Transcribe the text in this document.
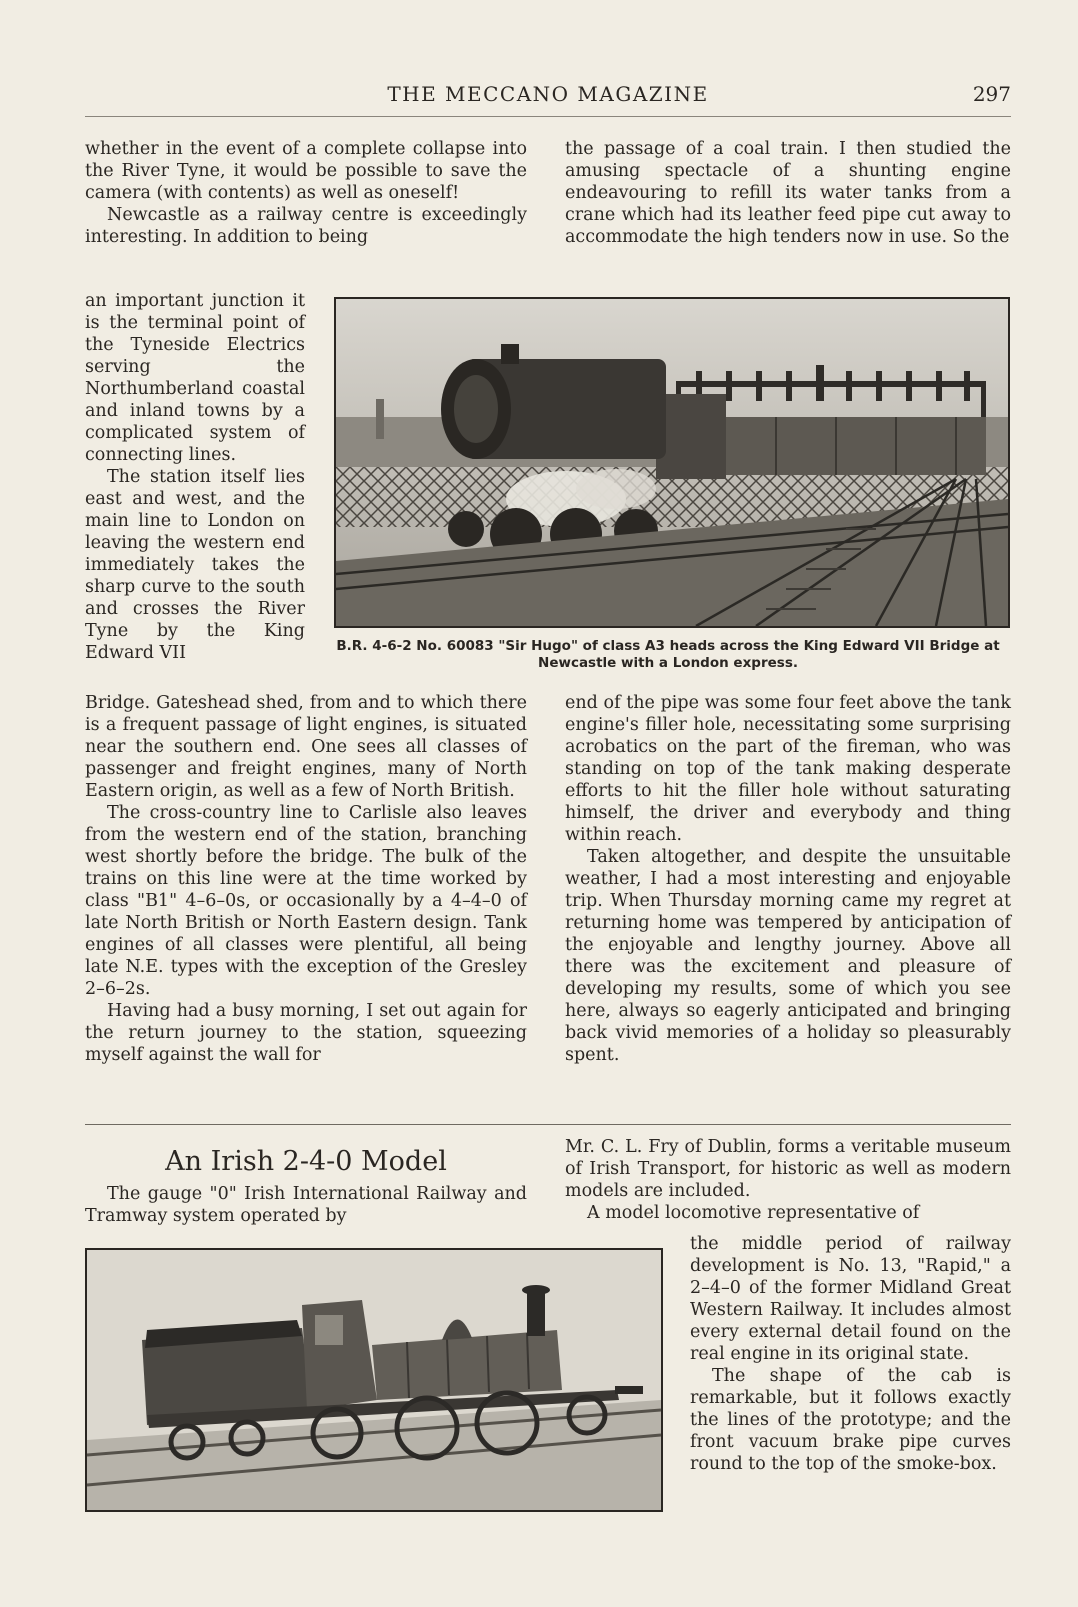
THE MECCANO MAGAZINE	297

whether in the event of a complete collapse into the River Tyne, it would be possible to save the camera (with contents) as well as oneself!

Newcastle as a railway centre is exceedingly interesting. In addition to being

an important junction it is the terminal point of the Tyneside Electrics serving the Northumberland coastal and inland towns by a complicated system of connecting lines.

The station itself lies east and west, and the main line to London on leaving the western end immediately takes the sharp curve to the south and crosses the River Tyne by the King Edward VII

Bridge. Gateshead shed, from and to which there is a frequent passage of light engines, is situated near the southern end. One sees all classes of passenger and freight engines, many of North Eastern origin, as well as a few of North British.

The cross-country line to Carlisle also leaves from the western end of the station, branching west shortly before the bridge. The bulk of the trains on this line were at the time worked by class "B1" 4–6–0s, or occasionally by a 4–4–0 of late North British or North Eastern design. Tank engines of all classes were plentiful, all being late N.E. types with the exception of the Gresley 2–6–2s.

Having had a busy morning, I set out again for the return journey to the station, squeezing myself against the wall for

the passage of a coal train. I then studied the amusing spectacle of a shunting engine endeavouring to refill its water tanks from a crane which had its leather feed pipe cut away to accommodate the high tenders now in use. So the

end of the pipe was some four feet above the tank engine's filler hole, necessitating some surprising acrobatics on the part of the fireman, who was standing on top of the tank making desperate efforts to hit the filler hole without saturating himself, the driver and everybody and thing within reach.

Taken altogether, and despite the unsuitable weather, I had a most interesting and enjoyable trip. When Thursday morning came my regret at returning home was tempered by anticipation of the enjoyable and lengthy journey. Above all there was the excitement and pleasure of developing my results, some of which you see here, always so eagerly anticipated and bringing back vivid memories of a holiday so pleasurably spent.

B.R. 4-6-2 No. 60083 "Sir Hugo" of class A3 heads across the King Edward VII Bridge at Newcastle with a London express.
An Irish 2-4-0 Model

The gauge "0" Irish International Railway and Tramway system operated by

Mr. C. L. Fry of Dublin, forms a veritable museum of Irish Transport, for historic as well as modern models are included.

A model locomotive representative of

the middle period of railway development is No. 13, "Rapid," a 2–4–0 of the former Midland Great Western Railway. It includes almost every external detail found on the real engine in its original state.

The shape of the cab is remarkable, but it follows exactly the lines of the prototype; and the front vacuum brake pipe curves round to the top of the smoke-box.
